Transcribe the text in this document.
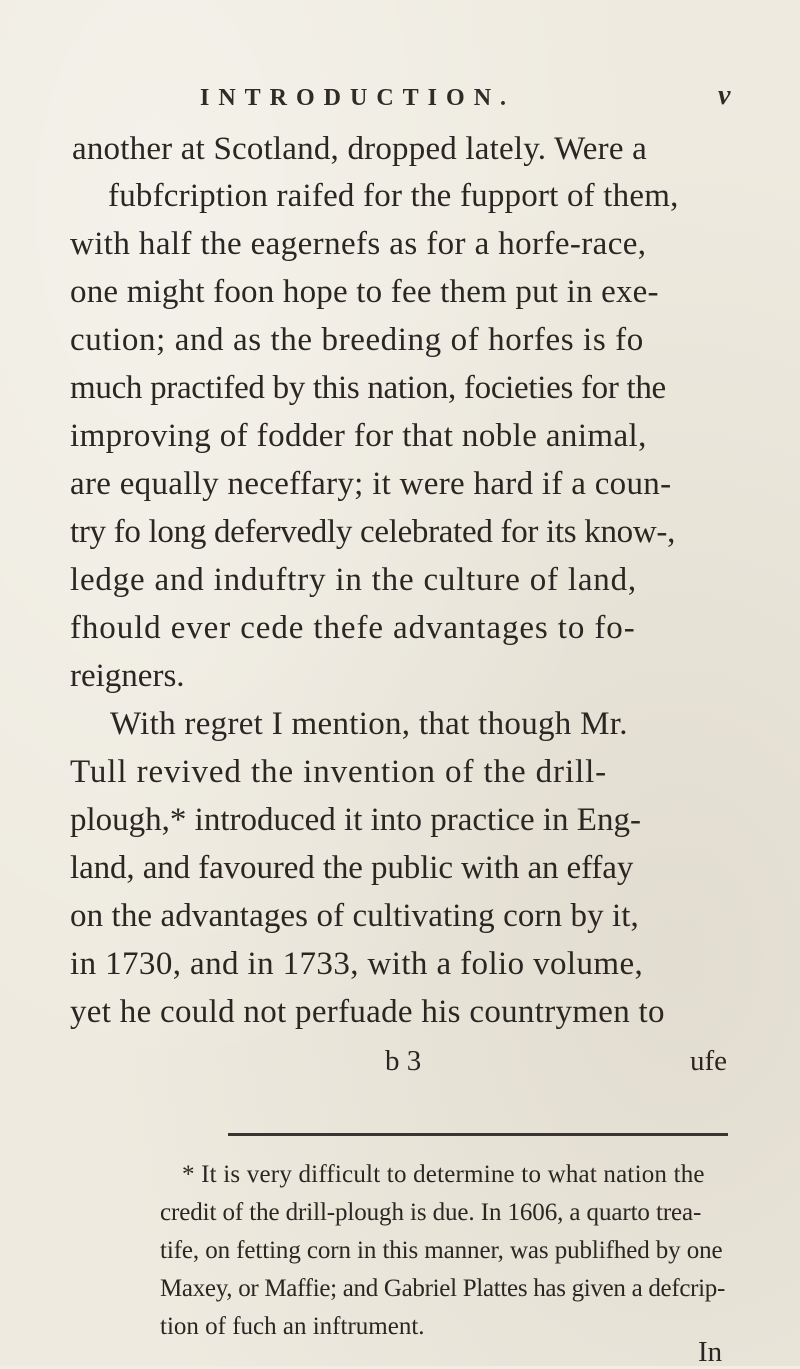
INTRODUCTION.	v
another at Scotland, dropped lately. Were a
fubfcription raifed for the fupport of them,
with half the eagernefs as for a horfe-race,
one might foon hope to fee them put in exe-
cution; and as the breeding of horfes is fo
much practifed by this nation, focieties for the
improving of fodder for that noble animal,
are equally neceffary; it were hard if a coun-
try fo long defervedly celebrated for its know-,
ledge and induftry in the culture of land,
fhould ever cede thefe advantages to fo-
reigners.
With regret I mention, that though Mr.
Tull revived the invention of the drill-
plough,* introduced it into practice in Eng-
land, and favoured the public with an effay
on the advantages of cultivating corn by it,
in 1730, and in 1733, with a folio volume,
yet he could not perfuade his countrymen to
b 3	ufe
* It is very difficult to determine to what nation the
credit of the drill-plough is due. In 1606, a quarto trea-
tife, on fetting corn in this manner, was publifhed by one
Maxey, or Maffie; and Gabriel Plattes has given a defcrip-
tion of fuch an inftrument.
In
